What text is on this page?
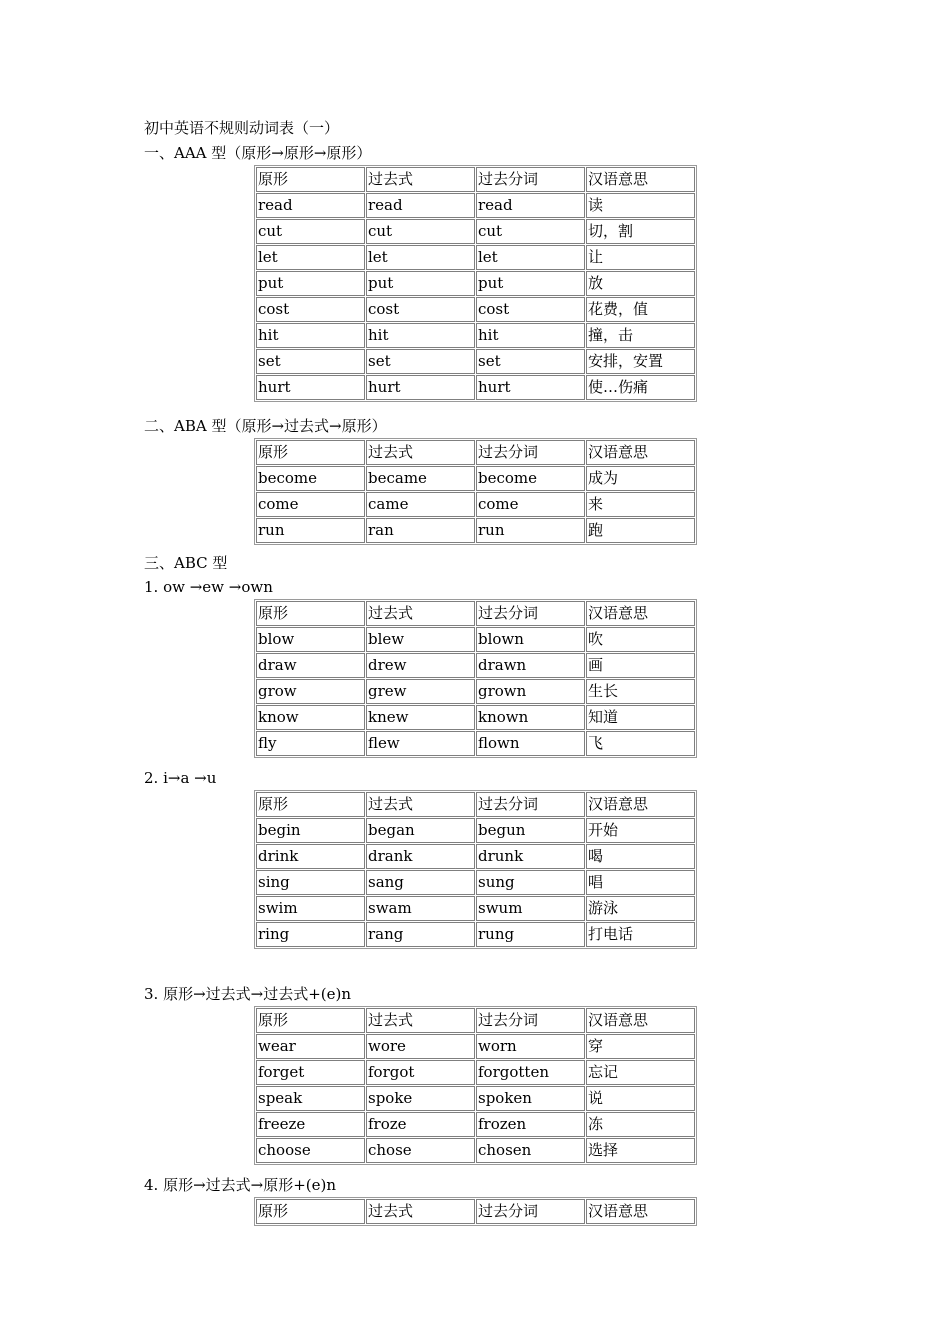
初中英语不规则动词表（一）
一、AAA 型（原形→原形→原形）
原形	过去式	过去分词	汉语意思
read	read	read	读
cut	cut	cut	切，割
let	let	let	让
put	put	put	放
cost	cost	cost	花费，值
hit	hit	hit	撞，击
set	set	set	安排，安置
hurt	hurt	hurt	使…伤痛
二、ABA 型（原形→过去式→原形）
原形	过去式	过去分词	汉语意思
become	became	become	成为
come	came	come	来
run	ran	run	跑
三、ABC 型
1. ow →ew →own
原形	过去式	过去分词	汉语意思
blow	blew	blown	吹
draw	drew	drawn	画
grow	grew	grown	生长
know	knew	known	知道
fly	flew	flown	飞
2. i→a →u
原形	过去式	过去分词	汉语意思
begin	began	begun	开始
drink	drank	drunk	喝
sing	sang	sung	唱
swim	swam	swum	游泳
ring	rang	rung	打电话
3. 原形→过去式→过去式+(e)n
原形	过去式	过去分词	汉语意思
wear	wore	worn	穿
forget	forgot	forgotten	忘记
speak	spoke	spoken	说
freeze	froze	frozen	冻
choose	chose	chosen	选择
4. 原形→过去式→原形+(e)n
原形	过去式	过去分词	汉语意思
